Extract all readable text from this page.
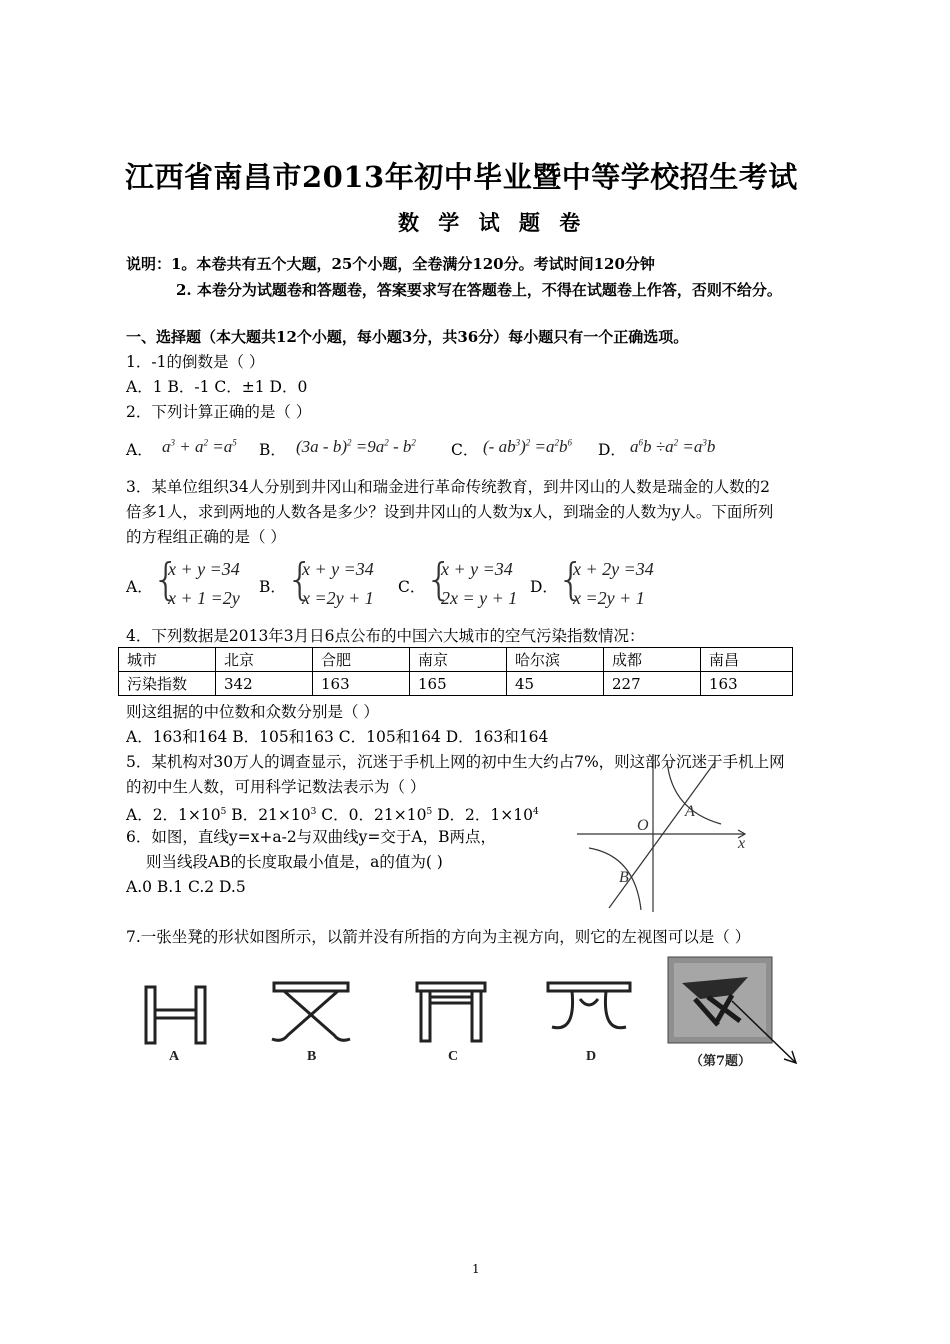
江西省南昌市2013年初中毕业暨中等学校招生考试
数 学 试 题 卷
说明：1。本卷共有五个大题，25个小题，全卷满分120分。考试时间120分钟
2. 本卷分为试题卷和答题卷，答案要求写在答题卷上，不得在试题卷上作答，否则不给分。
一、选择题（本大题共12个小题，每小题3分，共36分）每小题只有一个正确选项。
1．-1的倒数是（ ）
A．1 B．-1 C．±1 D．0
2．下列计算正确的是（ ）
A． $a^3 + a^2 =a^5$ B． $(3a - b)^2 =9a^2 - b^2$ C． (- $ab^3)^2 =a^2b^6$ D． $a^6b \div a^2 =a^3b$
3．某单位组织34人分别到井冈山和瑞金进行革命传统教育，到井冈山的人数是瑞金的人数的2
倍多1人，求到两地的人数各是多少？设到井冈山的人数为x人，到瑞金的人数为y人。下面所列
的方程组正确的是（ ）
A． {
x + y =34
x + 1 =2y
B． {
x + y =34
x =2y + 1
C． {
x + y =34
2x = y + 1
D． {
x + 2y =34
x =2y + 1
4．下列数据是2013年3月日6点公布的中国六大城市的空气污染指数情况：
城市	北京	合肥	南京	哈尔滨	成都	南昌
污染指数	342	163	165	45	227	163
则这组据的中位数和众数分别是（ ）
A．163和164 B．105和163 C．105和164 D．163和164
5．某机构对30万人的调查显示，沉迷于手机上网的初中生大约占7%，则这部分沉迷于手机上网
的初中生人数，可用科学记数法表示为（ ）
A．2．$1\times 10^5$ B．$21\times 10^3$ C．0．$21\times 10^5$ D．2．$1\times 10^4$
6．如图，直线y=x+a-2与双曲线y=交于A，B两点，
则当线段AB的长度取最小值是，a的值为( )
A.0 B.1 C.2 D.5
A
B
O
x
7.一张坐凳的形状如图所示，以箭并没有所指的方向为主视方向，则它的左视图可以是（ ）
A	B	C	D	（第7题）
1
